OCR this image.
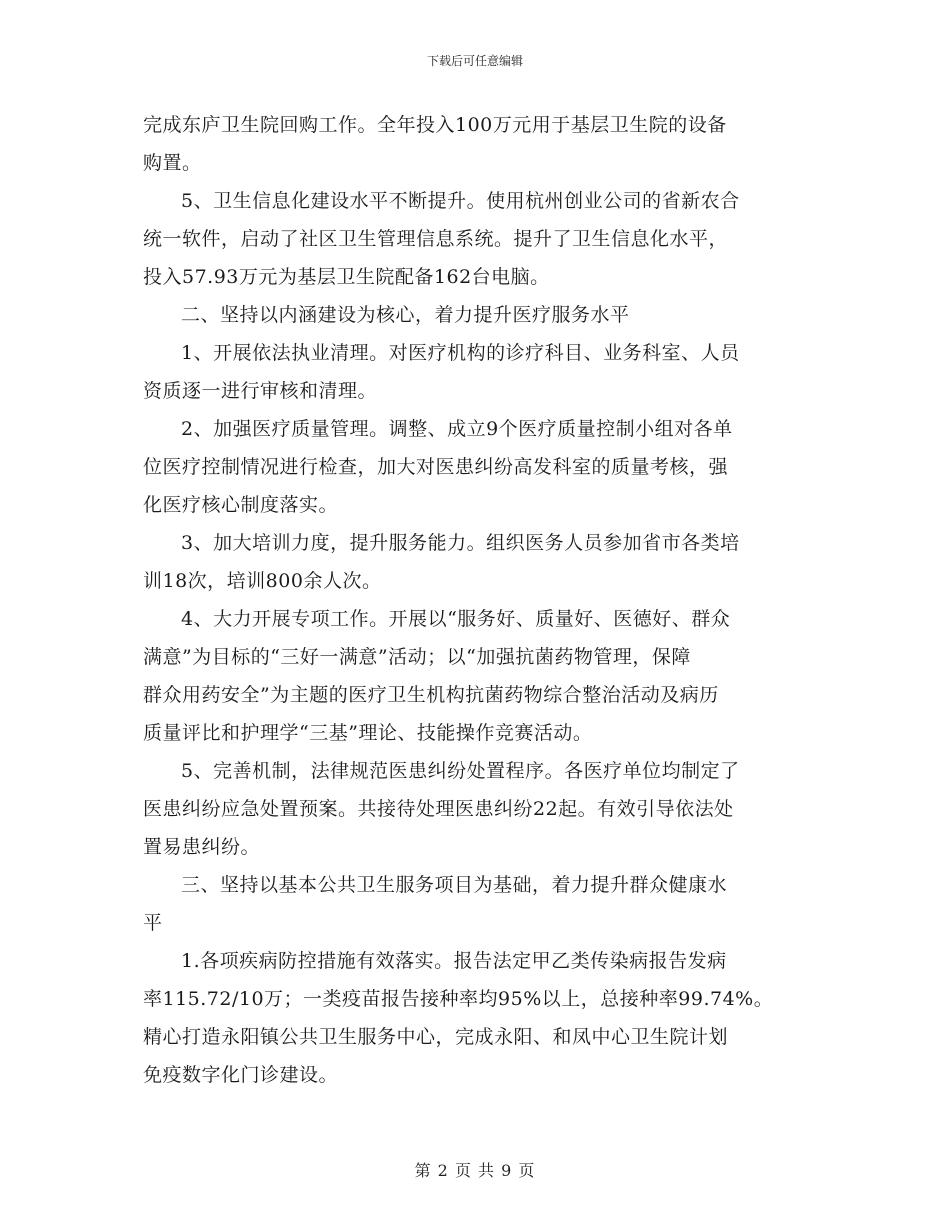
下载后可任意编辑
完成东庐卫生院回购工作。全年投入100万元用于基层卫生院的设备
购置。
5、卫生信息化建设水平不断提升。使用杭州创业公司的省新农合
统一软件，启动了社区卫生管理信息系统。提升了卫生信息化水平，
投入57.93万元为基层卫生院配备162台电脑。
二、坚持以内涵建设为核心，着力提升医疗服务水平
1、开展依法执业清理。对医疗机构的诊疗科目、业务科室、人员
资质逐一进行审核和清理。
2、加强医疗质量管理。调整、成立9个医疗质量控制小组对各单
位医疗控制情况进行检查，加大对医患纠纷高发科室的质量考核，强
化医疗核心制度落实。
3、加大培训力度，提升服务能力。组织医务人员参加省市各类培
训18次，培训800余人次。
4、大力开展专项工作。开展以“服务好、质量好、医德好、群众
满意”为目标的“三好一满意”活动；以“加强抗菌药物管理，保障
群众用药安全”为主题的医疗卫生机构抗菌药物综合整治活动及病历
质量评比和护理学“三基”理论、技能操作竞赛活动。
5、完善机制，法律规范医患纠纷处置程序。各医疗单位均制定了
医患纠纷应急处置预案。共接待处理医患纠纷22起。有效引导依法处
置易患纠纷。
三、坚持以基本公共卫生服务项目为基础，着力提升群众健康水
平
1.各项疾病防控措施有效落实。报告法定甲乙类传染病报告发病
率115.72/10万；一类疫苗报告接种率均95%以上，总接种率99.74%。
精心打造永阳镇公共卫生服务中心，完成永阳、和凤中心卫生院计划
免疫数字化门诊建设。
第 2 页 共 9 页
